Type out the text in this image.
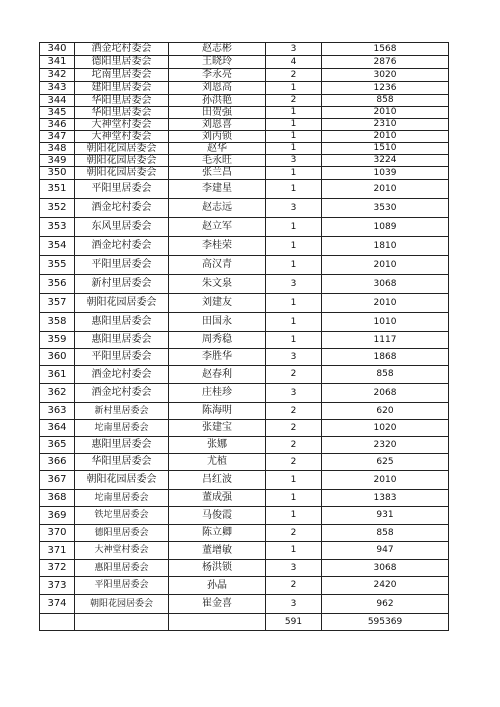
340	酒金坨村委会	赵志彬	3	1568
341	德阳里居委会	王晓玲	4	2876
342	坨南里居委会	李永亮	2	3020
343	建阳里居委会	刘恩高	1	1236
344	华阳里居委会	孙洪艳	2	858
345	华阳里居委会	田贺强	1	2010
346	大神堂村委会	刘恩喜	1	2310
347	大神堂村委会	刘丙锁	1	2010
348	朝阳花园居委会	赵华	1	1510
349	朝阳花园居委会	毛永旺	3	3224
350	朝阳花园居委会	张兰昌	1	1039
351	平阳里居委会	李建星	1	2010
352	酒金坨村委会	赵志远	3	3530
353	东风里居委会	赵立军	1	1089
354	酒金坨村委会	李桂荣	1	1810
355	平阳里居委会	高汉青	1	2010
356	新村里居委会	朱文泉	3	3068
357	朝阳花园居委会	刘建友	1	2010
358	惠阳里居委会	田国永	1	1010
359	惠阳里居委会	周秀稳	1	1117
360	平阳里居委会	李胜华	3	1868
361	酒金坨村委会	赵春利	2	858
362	酒金坨村委会	庄桂珍	3	2068
363	新村里居委会	陈海明	2	620
364	坨南里居委会	张建宝	2	1020
365	惠阳里居委会	张娜	2	2320
366	华阳里居委会	尤植	2	625
367	朝阳花园居委会	吕红波	1	2010
368	坨南里居委会	董成强	1	1383
369	铁坨里居委会	马俊霞	1	931
370	德阳里居委会	陈立卿	2	858
371	大神堂村委会	董增敏	1	947
372	惠阳里居委会	杨洪锁	3	3068
373	平阳里居委会	孙晶	2	2420
374	朝阳花园居委会	崔金喜	3	962
			591	595369
